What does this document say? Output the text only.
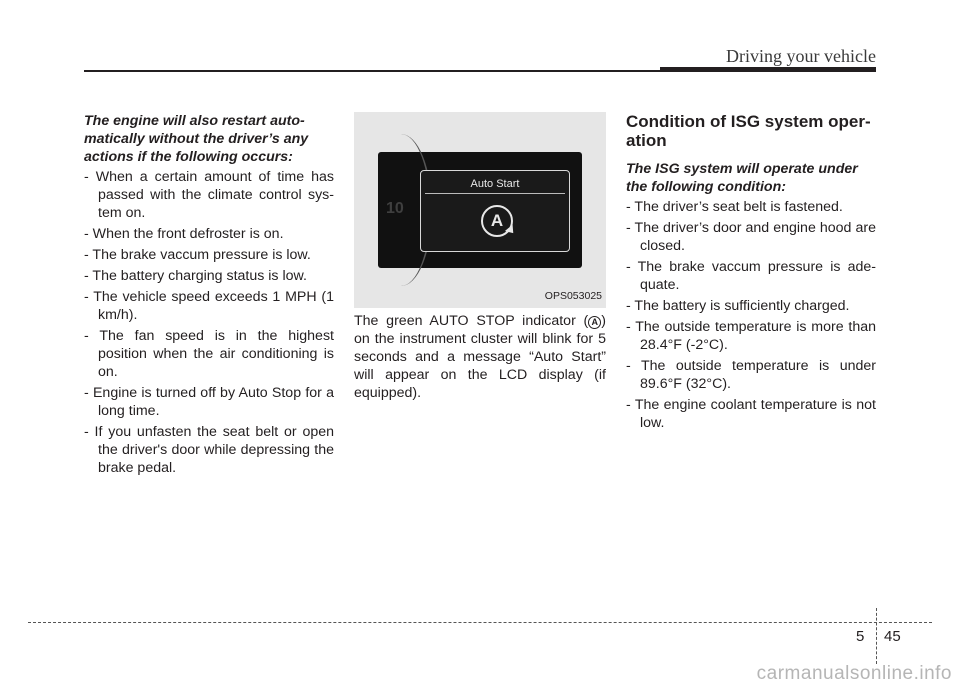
Driving your vehicle

The engine will also restart auto-matically without the driver’s any actions if the following occurs:

- When a certain amount of time has passed with the climate control sys-tem on.
- When the front defroster is on.
- The brake vaccum pressure is low.
- The battery charging status is low.
- The vehicle speed exceeds 1 MPH (1 km/h).
- The fan speed is in the highest position when the air conditioning is on.
- Engine is turned off by Auto Stop for a long time.
- If you unfasten the seat belt or open the driver's door while depressing the brake pedal.
10
Auto Start
A
OPS053025

The green AUTO STOP indicator ( A ) on the instrument cluster will blink for 5 seconds and a message “Auto Start” will appear on the LCD display (if equipped).

Condition of ISG system oper-ation

The ISG system will operate under the following condition:

- The driver’s seat belt is fastened.
- The driver’s door and engine hood are closed.
- The brake vaccum pressure is ade-quate.
- The battery is sufficiently charged.
- The outside temperature is more than 28.4°F (-2°C).
- The outside temperature is under 89.6°F (32°C).
- The engine coolant temperature is not low.
5 45
carmanualsonline.info
